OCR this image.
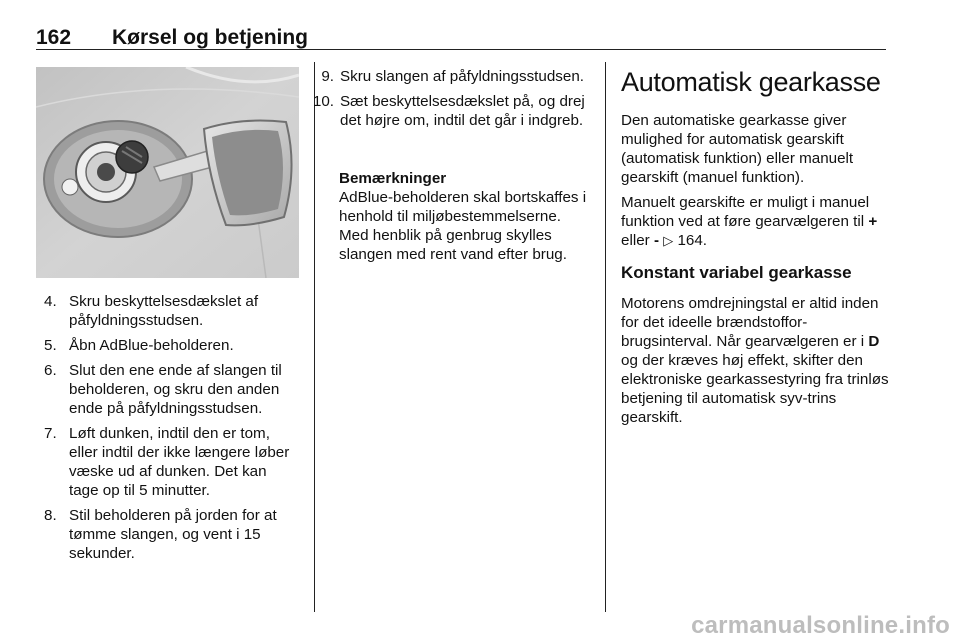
162 Kørsel og betjening
4. Skru beskyttelsesdækslet af påfyldningsstudsen.
5. Åbn AdBlue-beholderen.
6. Slut den ene ende af slangen til beholderen, og skru den anden ende på påfyldningsstudsen.
7. Løft dunken, indtil den er tom, eller indtil der ikke længere løber væske ud af dunken. Det kan tage op til 5 minutter.
8. Stil beholderen på jorden for at tømme slangen, og vent i 15 sekunder.
9. Skru slangen af påfyldningsstudsen.
10. Sæt beskyttelsesdækslet på, og drej det højre om, indtil det går i indgreb.
Bemærkninger
AdBlue-beholderen skal bortskaffes i henhold til miljøbestemmelserne. Med henblik på genbrug skylles slangen med rent vand efter brug.
Automatisk gearkasse

Den automatiske gearkasse giver mulighed for automatisk gearskift (automatisk funktion) eller manuelt gearskift (manuel funktion).

Manuelt gearskifte er muligt i manuel funktion ved at føre gearvælgeren til + eller - ▷ 164.

Konstant variabel gearkasse

Motorens omdrejningstal er altid inden for det ideelle brændstofforbrugsinterval. Når gearvælgeren er i D og der kræves høj effekt, skifter den elektroniske gearkassestyring fra trinløs betjening til automatisk syv-trins gearskift.

carmanualsonline.info
